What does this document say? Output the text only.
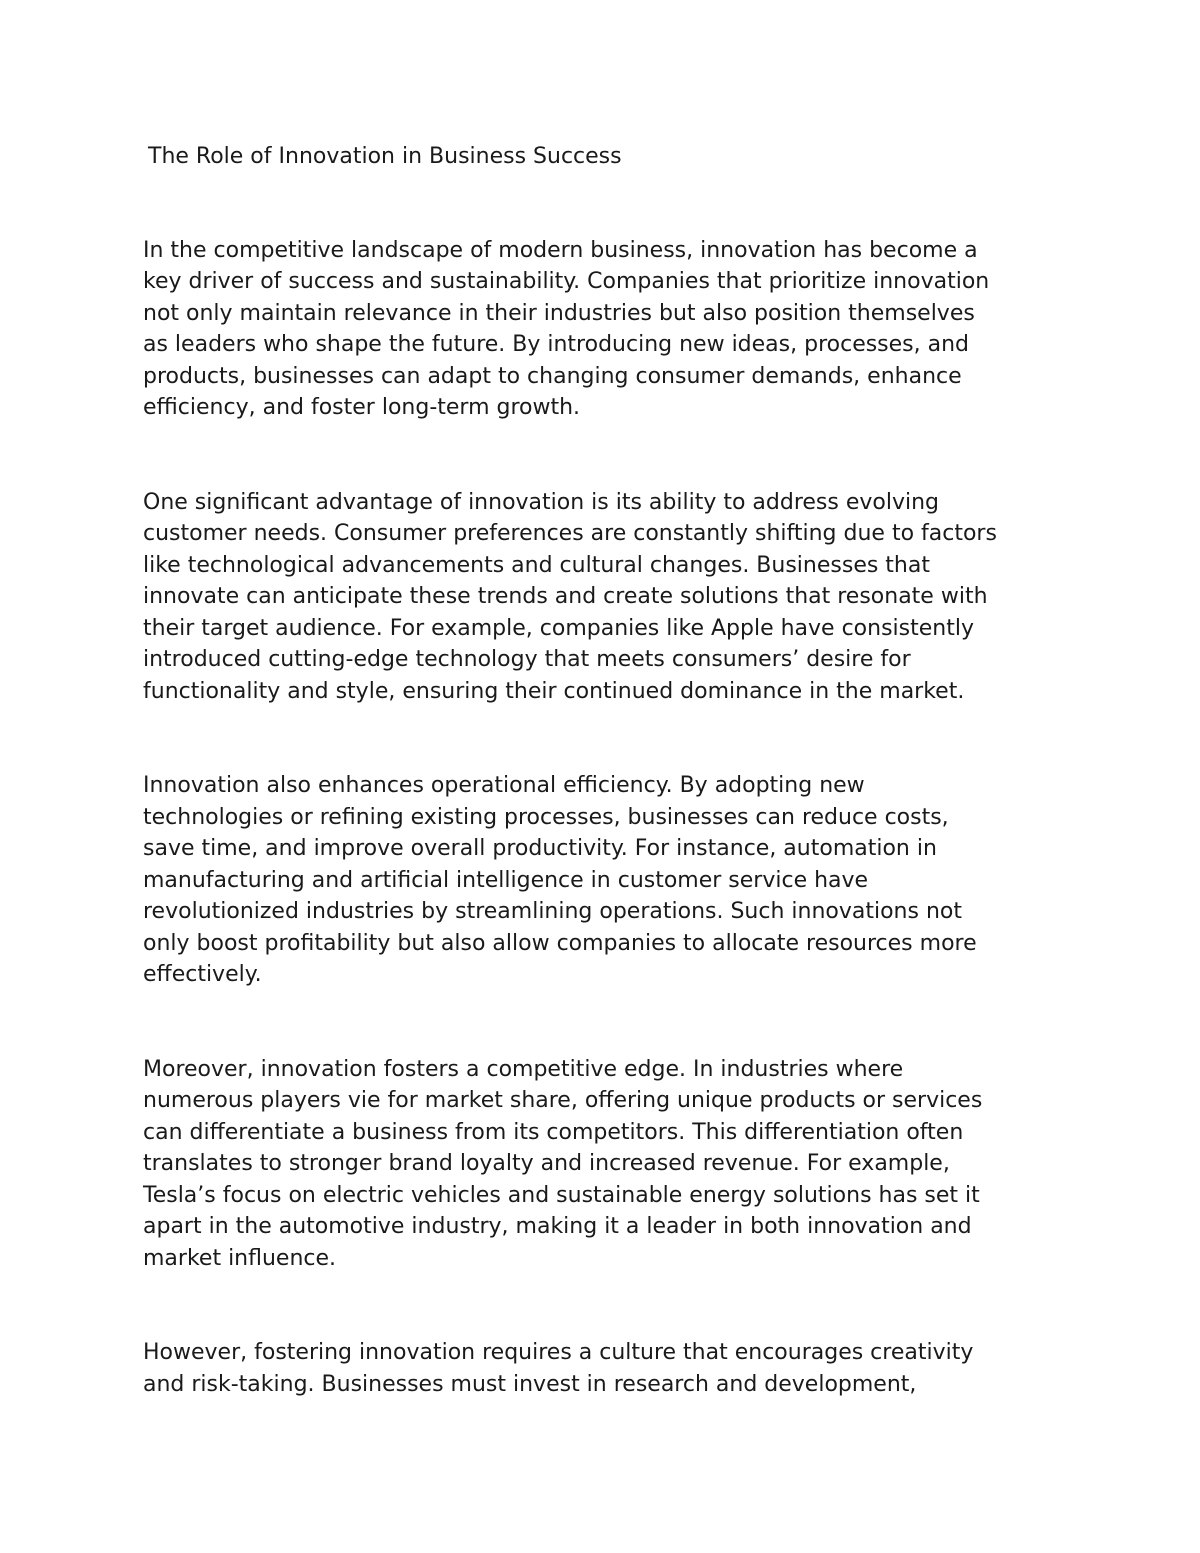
The Role of Innovation in Business Success

In the competitive landscape of modern business, innovation has become a
key driver of success and sustainability. Companies that prioritize innovation
not only maintain relevance in their industries but also position themselves
as leaders who shape the future. By introducing new ideas, processes, and
products, businesses can adapt to changing consumer demands, enhance
efficiency, and foster long-term growth.

One significant advantage of innovation is its ability to address evolving
customer needs. Consumer preferences are constantly shifting due to factors
like technological advancements and cultural changes. Businesses that
innovate can anticipate these trends and create solutions that resonate with
their target audience. For example, companies like Apple have consistently
introduced cutting-edge technology that meets consumers’ desire for
functionality and style, ensuring their continued dominance in the market.

Innovation also enhances operational efficiency. By adopting new
technologies or refining existing processes, businesses can reduce costs,
save time, and improve overall productivity. For instance, automation in
manufacturing and artificial intelligence in customer service have
revolutionized industries by streamlining operations. Such innovations not
only boost profitability but also allow companies to allocate resources more
effectively.

Moreover, innovation fosters a competitive edge. In industries where
numerous players vie for market share, offering unique products or services
can differentiate a business from its competitors. This differentiation often
translates to stronger brand loyalty and increased revenue. For example,
Tesla’s focus on electric vehicles and sustainable energy solutions has set it
apart in the automotive industry, making it a leader in both innovation and
market influence.

However, fostering innovation requires a culture that encourages creativity
and risk-taking. Businesses must invest in research and development,
